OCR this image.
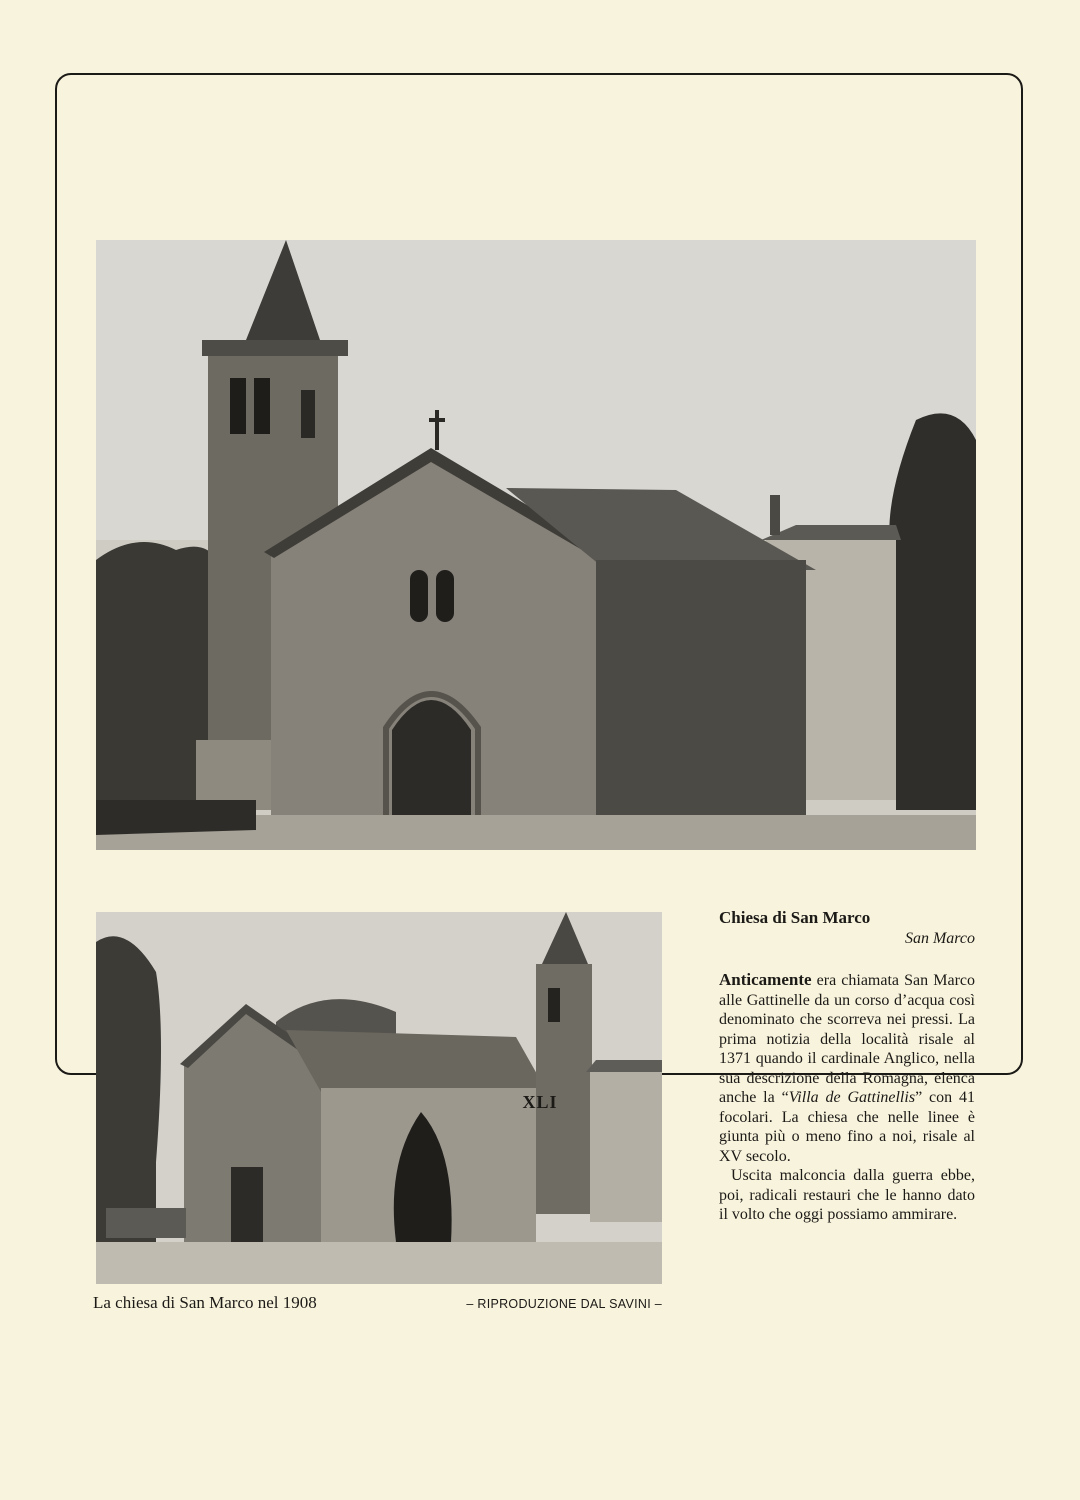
La chiesa di San Marco nel 1908	– RIPRODUZIONE DAL SAVINI –
Chiesa di San Marco
San Marco

Anticamente era chiamata San Marco alle Gattinelle da un corso d’acqua così denominato che scorreva nei pressi. La prima notizia della località risale al 1371 quando il cardinale Anglico, nella sua descrizione della Romagna, elenca anche la “Villa de Gattinellis” con 41 focolari. La chiesa che nelle linee è giunta più o meno fino a noi, risale al XV secolo.

Uscita malconcia dalla guerra ebbe, poi, radicali restauri che le hanno dato il volto che oggi possiamo ammirare.

XLI
